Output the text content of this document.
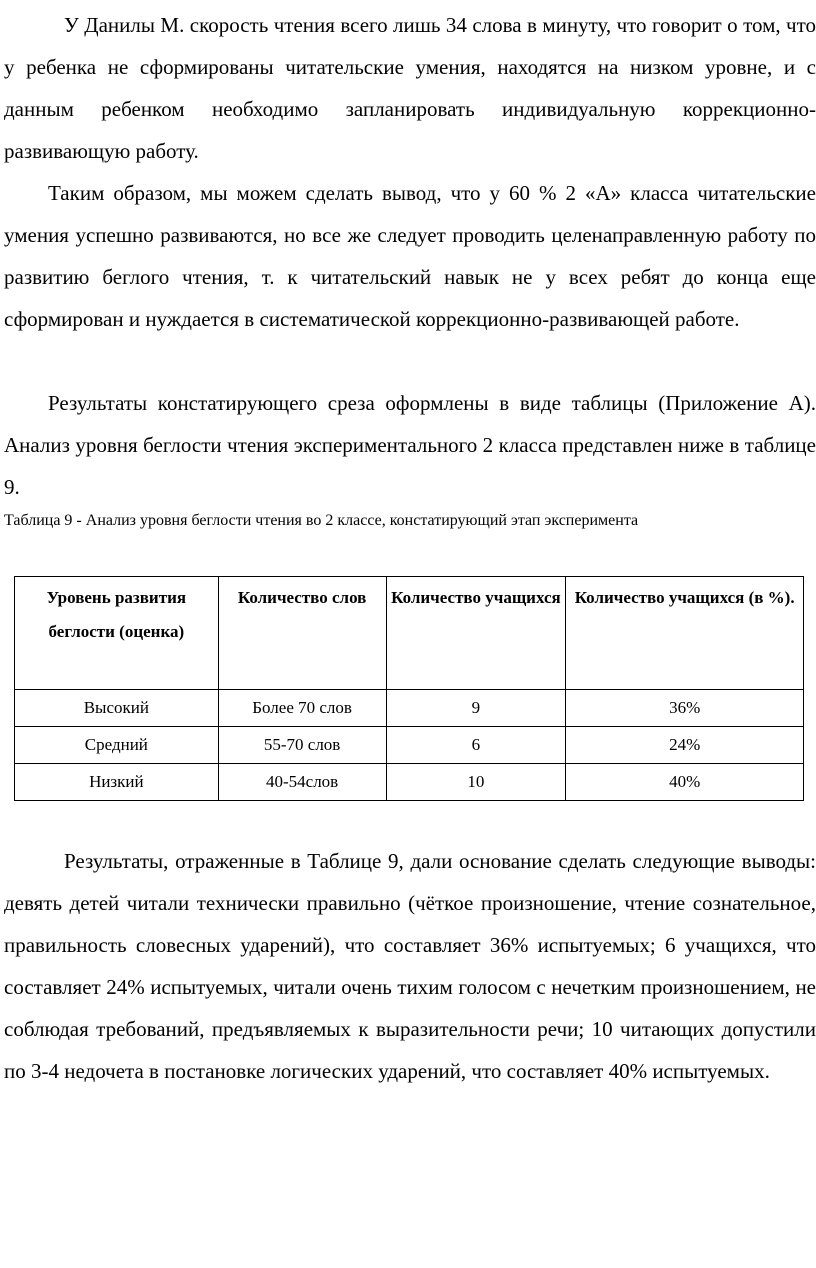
У Данилы М. скорость чтения всего лишь 34 слова в минуту, что говорит о том, что у ребенка не сформированы читательские умения, находятся на низком уровне, и с данным ребенком необходимо запланировать индивидуальную коррекционно-развивающую работу.

Таким образом, мы можем сделать вывод, что у 60 % 2 «А» класса читательские умения успешно развиваются, но все же следует проводить целенаправленную работу по развитию беглого чтения, т. к читательский навык не у всех ребят до конца еще сформирован и нуждается в систематической коррекционно-развивающей работе.

Результаты констатирующего среза оформлены в виде таблицы (Приложение А). Анализ уровня беглости чтения экспериментального 2 класса представлен ниже в таблице 9.

Таблица 9 - Анализ уровня беглости чтения во 2 классе, констатирующий этап эксперимента

Уровень развития беглости (оценка)	Количество слов	Количество учащихся	Количество учащихся (в %).
Высокий	Более 70 слов	9	36%
Средний	55-70 слов	6	24%
Низкий	40-54слов	10	40%

Результаты, отраженные в Таблице 9, дали основание сделать следующие выводы: девять детей читали технически правильно (чёткое произношение, чтение сознательное, правильность словесных ударений), что составляет 36% испытуемых; 6 учащихся, что составляет 24% испытуемых, читали очень тихим голосом с нечетким произношением, не соблюдая требований, предъявляемых к выразительности речи; 10 читающих допустили по 3-4 недочета в постановке логических ударений, что составляет 40% испытуемых.
